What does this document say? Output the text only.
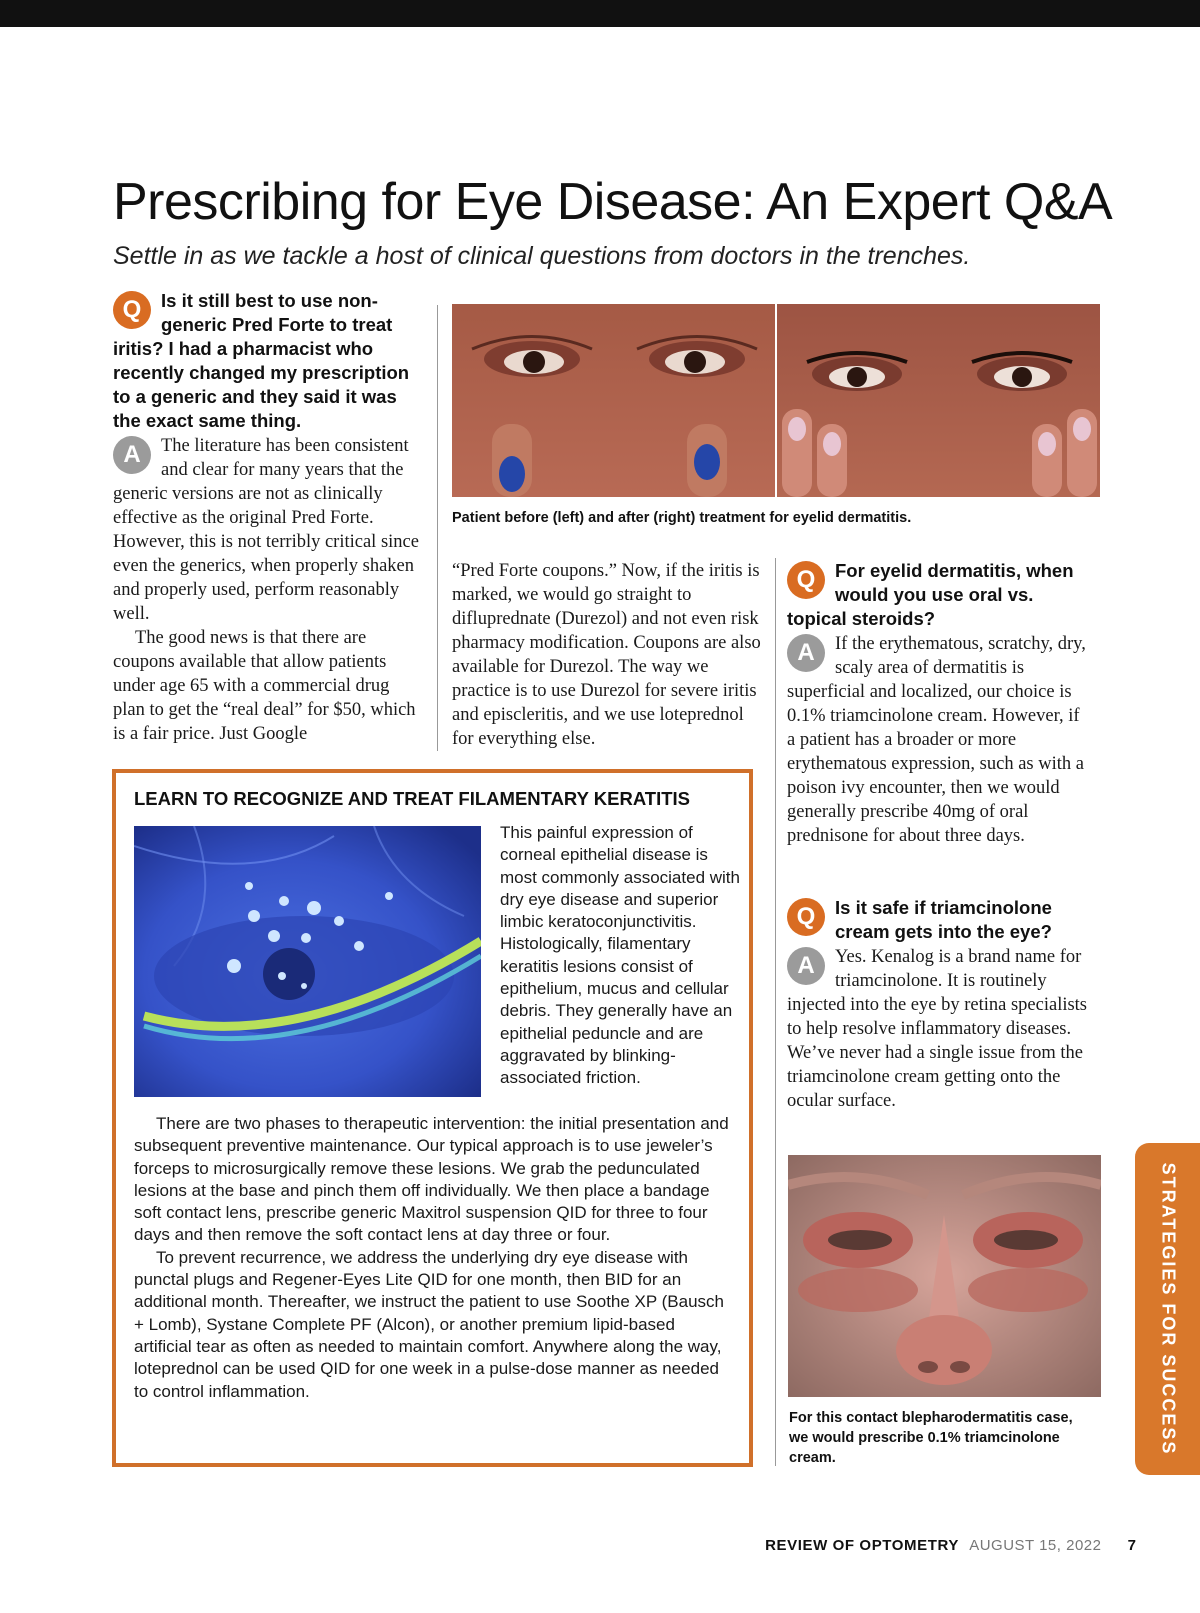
Prescribing for Eye Disease: An Expert Q&A

Settle in as we tackle a host of clinical questions from doctors in the trenches.

Q	Is it still best to use non-generic Pred Forte to treat iritis? I had a pharmacist who recently changed my prescription to a generic and they said it was the exact same thing.
A	The literature has been consistent and clear for many years that the generic versions are not as clinically effective as the original Pred Forte. However, this is not terribly critical since even the generics, when properly shaken and properly used, perform reasonably well.

The good news is that there are coupons available that allow patients under age 65 with a commercial drug plan to get the “real deal” for $50, which is a fair price. Just Google

Patient before (left) and after (right) treatment for eyelid dermatitis.

“Pred Forte coupons.” Now, if the iritis is marked, we would go straight to difluprednate (Durezol) and not even risk pharmacy modification. Coupons are also available for Durezol. The way we practice is to use Durezol for severe iritis and episcleritis, and we use loteprednol for everything else.

Q	For eyelid dermatitis, when would you use oral vs. topical steroids?
A	If the erythematous, scratchy, dry, scaly area of dermatitis is superficial and localized, our choice is 0.1% triamcinolone cream. However, if a patient has a broader or more erythematous expression, such as with a poison ivy encounter, then we would generally prescribe 40mg of oral prednisone for about three days.

Q	Is it safe if triamcinolone cream gets into the eye?
A	Yes. Kenalog is a brand name for triamcinolone. It is routinely injected into the eye by retina specialists to help resolve inflammatory diseases. We’ve never had a single issue from the triamcinolone cream getting onto the ocular surface.

For this contact blepharodermatitis case, we would prescribe 0.1% triamcinolone cream.

LEARN TO RECOGNIZE AND TREAT FILAMENTARY KERATITIS

This painful expression of corneal epithelial disease is most commonly associated with dry eye disease and superior limbic keratoconjunctivitis. Histologically, filamentary keratitis lesions consist of epithelium, mucus and cellular debris. They generally have an epithelial peduncle and are aggravated by blinking-associated friction.

There are two phases to therapeutic intervention: the initial presentation and subsequent preventive maintenance. Our typical approach is to use jeweler’s forceps to microsurgically remove these lesions. We grab the pedunculated lesions at the base and pinch them off individually. We then place a bandage soft contact lens, prescribe generic Maxitrol suspension QID for three to four days and then remove the soft contact lens at day three or four.

To prevent recurrence, we address the underlying dry eye disease with punctal plugs and Regener-Eyes Lite QID for one month, then BID for an additional month. Thereafter, we instruct the patient to use Soothe XP (Bausch + Lomb), Systane Complete PF (Alcon), or another premium lipid-based artificial tear as often as needed to maintain comfort. Anywhere along the way, loteprednol can be used QID for one week in a pulse-dose manner as needed to control inflammation.	STRATEGIES FOR SUCCESS

REVIEW OF OPTOMETRY AUGUST 15, 2022 7
